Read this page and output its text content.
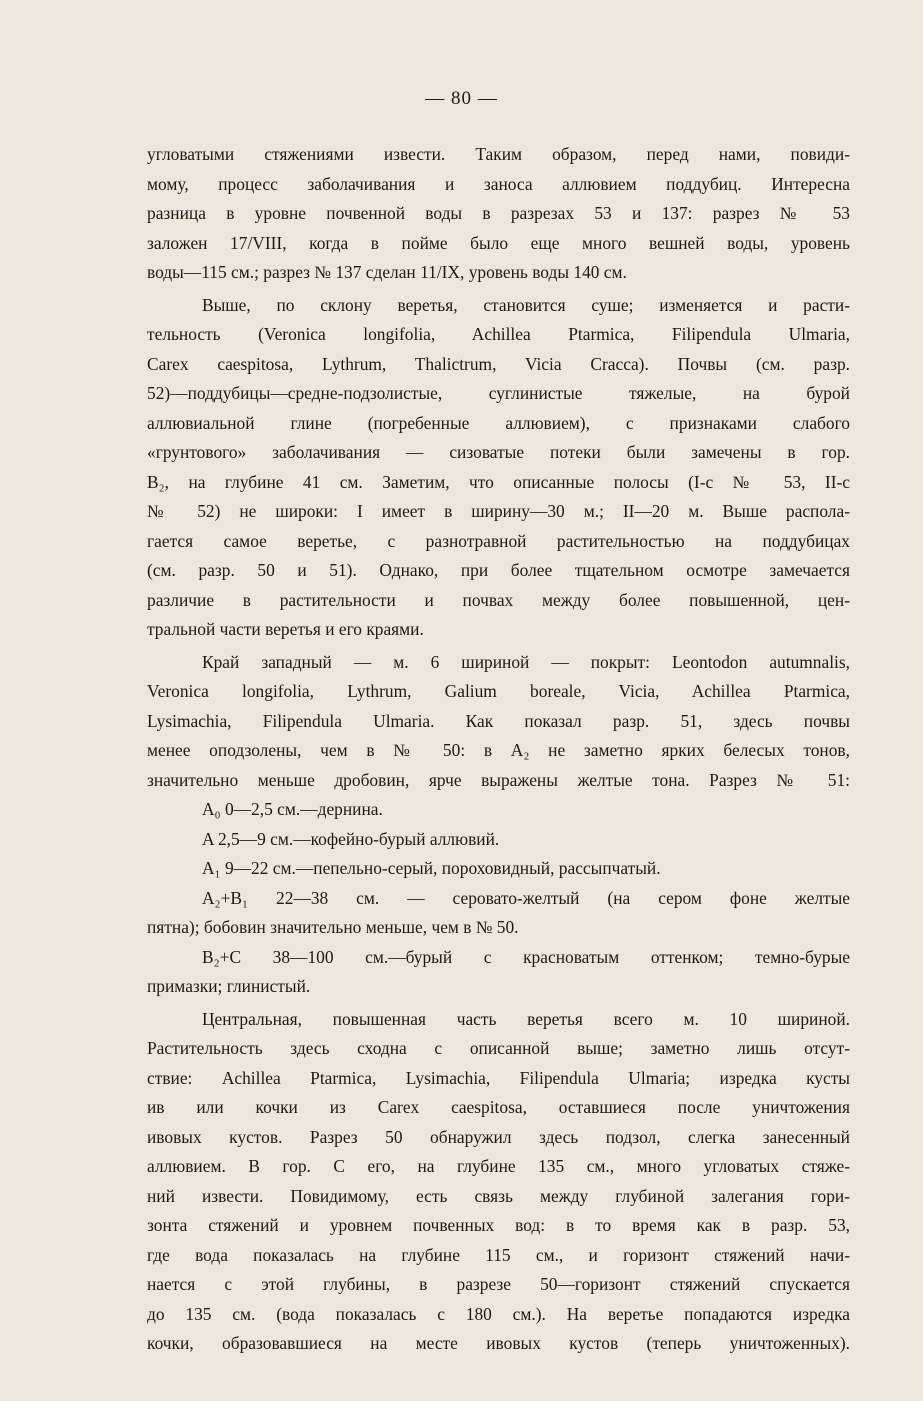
— 80 —

угловатыми стяжениями извести. Таким образом, перед нами, повиди-

мому, процесс заболачивания и заноса аллювием поддубиц. Интересна

разница в уровне почвенной воды в разрезах 53 и 137: разрез № 53

заложен 17/VIII, когда в пойме было еще много вешней воды, уровень

воды—115 см.; разрез № 137 сделан 11/IX, уровень воды 140 см.

Выше, по склону веретья, становится суше; изменяется и расти-

тельность (Veronica longifolia, Achillea Ptarmica, Filipendula Ulmaria,

Carex caespitosa, Lythrum, Thalictrum, Vicia Cracca). Почвы (см. разр.

52)—поддубицы—средне-подзолистые, суглинистые тяжелые, на бурой

аллювиальной глине (погребенные аллювием), с признаками слабого

«грунтового» заболачивания — сизоватые потеки были замечены в гор.

B₂, на глубине 41 см. Заметим, что описанные полосы (I-с № 53, II-с

№ 52) не широки: I имеет в ширину—30 м.; II—20 м. Выше распола-

гается самое веретье, с разнотравной растительностью на поддубицах

(см. разр. 50 и 51). Однако, при более тщательном осмотре замечается

различие в растительности и почвах между более повышенной, цен-

тральной части веретья и его краями.

Край западный — м. 6 шириной — покрыт: Leontodon autumnalis,

Veronica longifolia, Lythrum, Galium boreale, Vicia, Achillea Ptarmica,

Lysimachia, Filipendula Ulmaria. Как показал разр. 51, здесь почвы

менее оподзолены, чем в № 50: в A₂ не заметно ярких белесых тонов,

значительно меньше дробовин, ярче выражены желтые тона. Разрез № 51:

A₀ 0—2,5 см.—дернина.

A 2,5—9 см.—кофейно-бурый аллювий.

A₁ 9—22 см.—пепельно-серый, пороховидный, рассыпчатый.

A₂+B₁ 22—38 см. — серовато-желтый (на сером фоне желтые

пятна); бобовин значительно меньше, чем в № 50.

B₂+C 38—100 см.—бурый с красноватым оттенком; темно-бурые

примазки; глинистый.

Центральная, повышенная часть веретья всего м. 10 шириной.

Растительность здесь сходна с описанной выше; заметно лишь отсут-

ствие: Achillea Ptarmica, Lysimachia, Filipendula Ulmaria; изредка кусты

ив или кочки из Carex caespitosa, оставшиеся после уничтожения

ивовых кустов. Разрез 50 обнаружил здесь подзол, слегка занесенный

аллювием. В гор. C его, на глубине 135 см., много угловатых стяже-

ний извести. Повидимому, есть связь между глубиной залегания гори-

зонта стяжений и уровнем почвенных вод: в то время как в разр. 53,

где вода показалась на глубине 115 см., и горизонт стяжений начи-

нается с этой глубины, в разрезе 50—горизонт стяжений спускается

до 135 см. (вода показалась с 180 см.). На веретье попадаются изредка

кочки, образовавшиеся на месте ивовых кустов (теперь уничтоженных).
